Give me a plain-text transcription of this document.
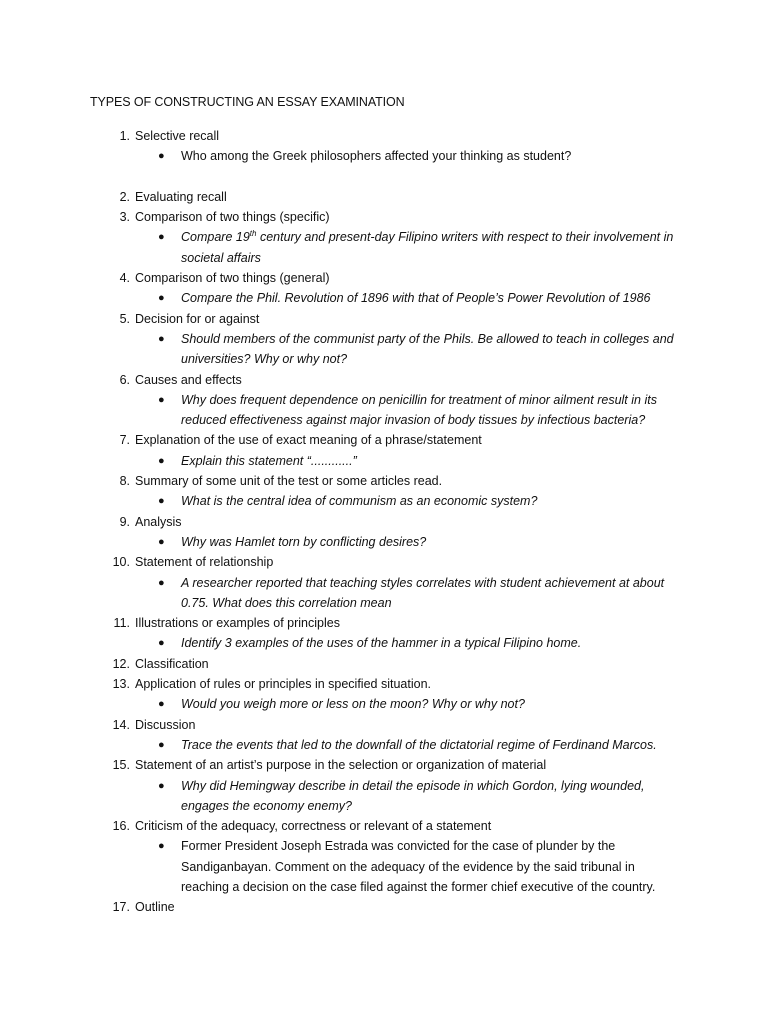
TYPES OF CONSTRUCTING AN ESSAY EXAMINATION
1. Selective recall
● Who among the Greek philosophers affected your thinking as student?
2. Evaluating recall
3. Comparison of two things (specific)
● Compare 19th century and present-day Filipino writers with respect to their involvement in societal affairs
4. Comparison of two things (general)
● Compare the Phil. Revolution of 1896 with that of People’s Power Revolution of 1986
5. Decision for or against
● Should members of the communist party of the Phils. Be allowed to teach in colleges and universities? Why or why not?
6. Causes and effects
● Why does frequent dependence on penicillin for treatment of minor ailment result in its reduced effectiveness against major invasion of body tissues by infectious bacteria?
7. Explanation of the use of exact meaning of a phrase/statement
● Explain this statement “............”
8. Summary of some unit of the test or some articles read.
● What is the central idea of communism as an economic system?
9. Analysis
● Why was Hamlet torn by conflicting desires?
10. Statement of relationship
● A researcher reported that teaching styles correlates with student achievement at about 0.75. What does this correlation mean
11. Illustrations or examples of principles
● Identify 3 examples of the uses of the hammer in a typical Filipino home.
12. Classification
13. Application of rules or principles in specified situation.
● Would you weigh more or less on the moon? Why or why not?
14. Discussion
● Trace the events that led to the downfall of the dictatorial regime of Ferdinand Marcos.
15. Statement of an artist’s purpose in the selection or organization of material
● Why did Hemingway describe in detail the episode in which Gordon, lying wounded, engages the economy enemy?
16. Criticism of the adequacy, correctness or relevant of a statement
● Former President Joseph Estrada was convicted for the case of plunder by the Sandiganbayan. Comment on the adequacy of the evidence by the said tribunal in reaching a decision on the case filed against the former chief executive of the country.
17. Outline
